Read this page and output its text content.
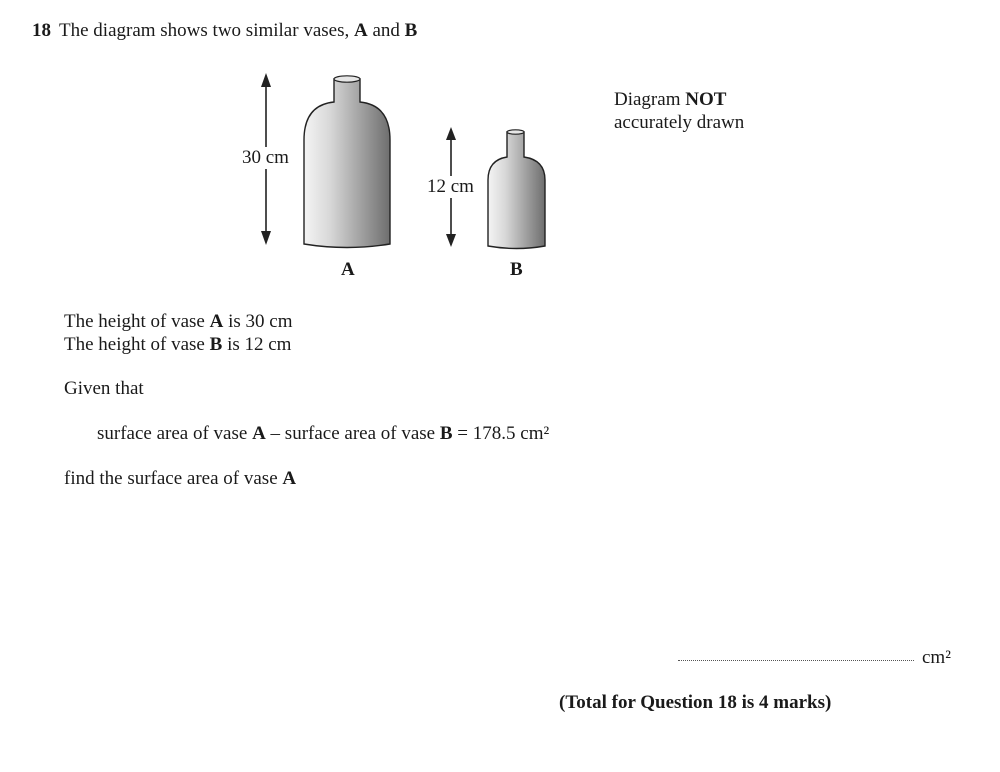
18 The diagram shows two similar vases, A and B
30 cm
12 cm
A	B
Diagram NOT
accurately drawn
The height of vase A is 30 cm
The height of vase B is 12 cm
Given that
surface area of vase A – surface area of vase B = 178.5 cm²
find the surface area of vase A
cm²
(Total for Question 18 is 4 marks)
